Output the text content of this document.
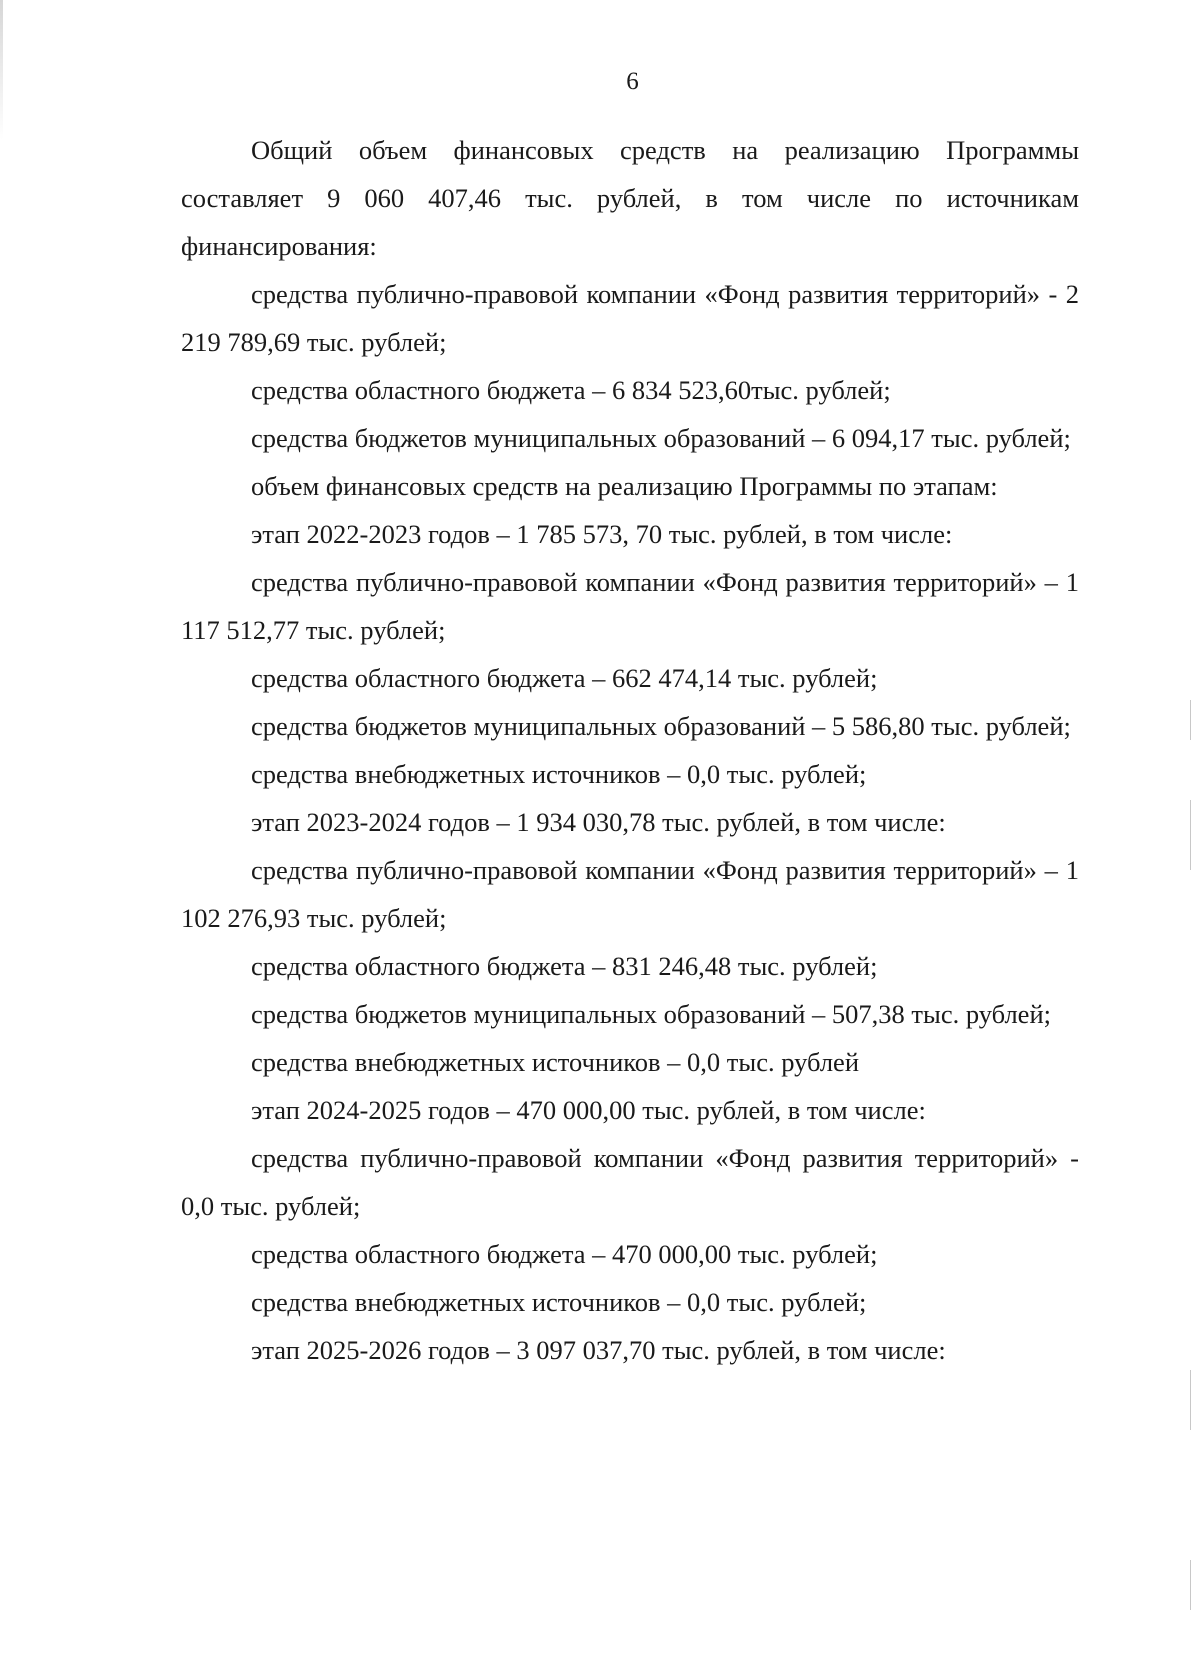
6

Общий объем финансовых средств на реализацию Программы составляет 9 060 407,46 тыс. рублей, в том числе по источникам финансирования:

средства публично-правовой компании «Фонд развития территорий» - 2 219 789,69 тыс. рублей;

средства областного бюджета – 6 834 523,60тыс. рублей;

средства бюджетов муниципальных образований – 6 094,17 тыс. рублей;

объем финансовых средств на реализацию Программы по этапам:

этап 2022-2023 годов – 1 785 573, 70 тыс. рублей, в том числе:

средства публично-правовой компании «Фонд развития территорий» – 1 117 512,77 тыс. рублей;

средства областного бюджета – 662 474,14 тыс. рублей;

средства бюджетов муниципальных образований – 5 586,80 тыс. рублей;

средства внебюджетных источников – 0,0 тыс. рублей;

этап 2023-2024 годов – 1 934 030,78 тыс. рублей, в том числе:

средства публично-правовой компании «Фонд развития территорий» – 1 102 276,93 тыс. рублей;

средства областного бюджета – 831 246,48 тыс. рублей;

средства бюджетов муниципальных образований – 507,38 тыс. рублей;

средства внебюджетных источников – 0,0 тыс. рублей

этап 2024-2025 годов – 470 000,00 тыс. рублей, в том числе:

средства публично-правовой компании «Фонд развития территорий» - 0,0 тыс. рублей;

средства областного бюджета – 470 000,00 тыс. рублей;

средства внебюджетных источников – 0,0 тыс. рублей;

этап 2025-2026 годов – 3 097 037,70 тыс. рублей, в том числе:
